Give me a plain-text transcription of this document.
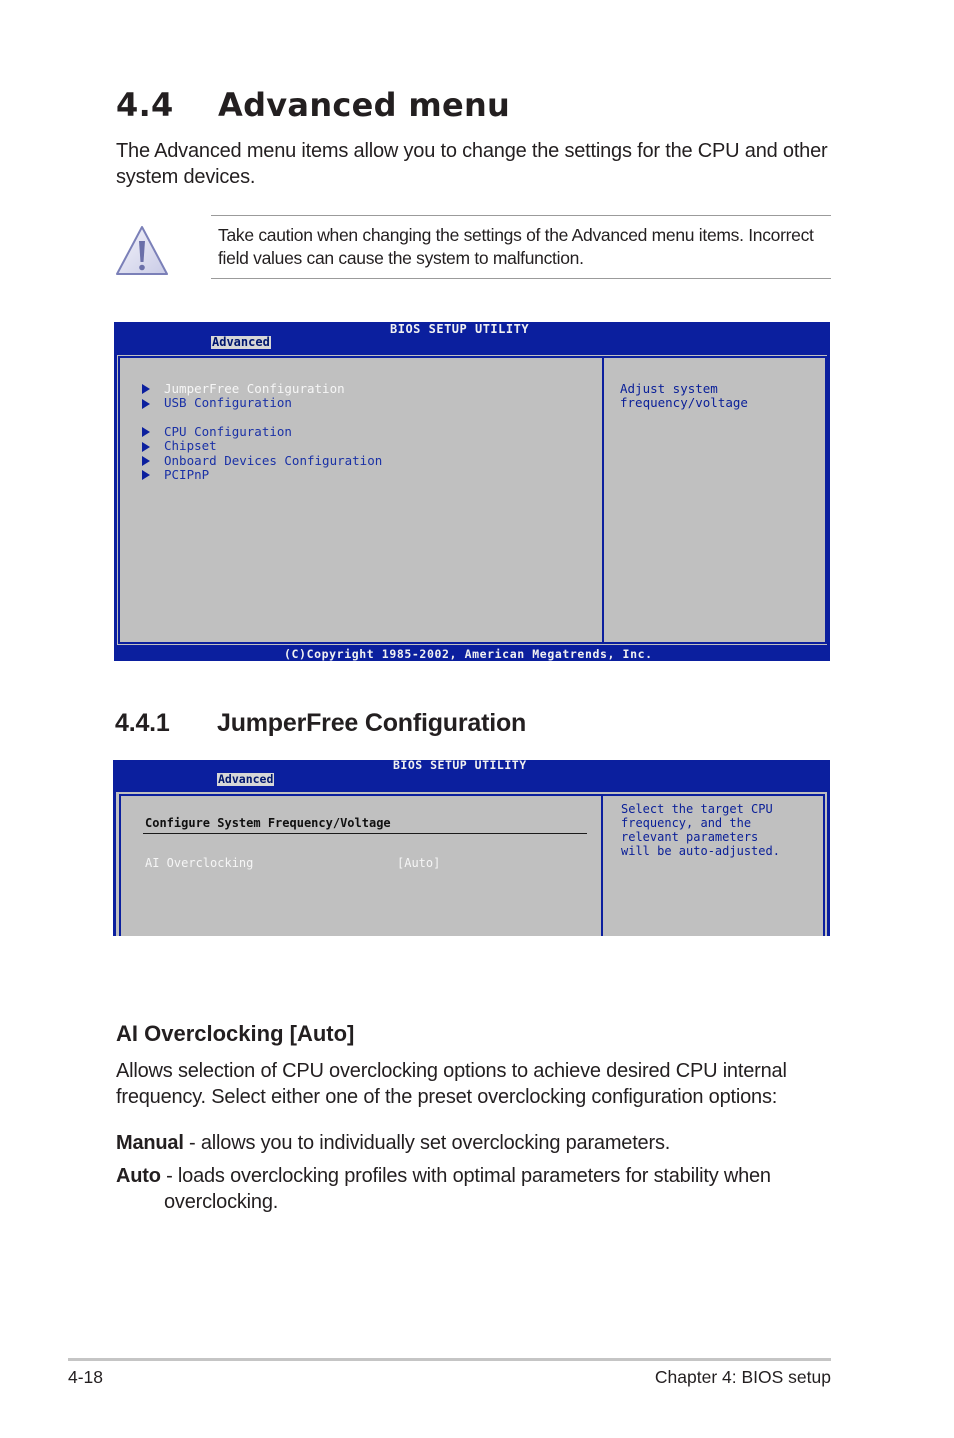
4.4 Advanced menu
The Advanced menu items allow you to change the settings for the CPU and other system devices.
Take caution when changing the settings of the Advanced menu items. Incorrect field values can cause the system to malfunction.
BIOS SETUP UTILITY
Advanced
JumperFree Configuration
USB Configuration
CPU Configuration
Chipset
Onboard Devices Configuration
PCIPnP
Adjust system
frequency/voltage
(C)Copyright 1985-2002, American Megatrends, Inc.
4.4.1 JumperFree Configuration
BIOS SETUP UTILITY
Advanced
Configure System Frequency/Voltage
AI Overclocking	[Auto]
Select the target CPU
frequency, and the
relevant parameters
will be auto-adjusted.
AI Overclocking [Auto]
Allows selection of CPU overclocking options to achieve desired CPU internal frequency. Select either one of the preset overclocking configuration options:
Manual - allows you to individually set overclocking parameters.
Auto - loads overclocking profiles with optimal parameters for stability when overclocking.
4-18	Chapter 4: BIOS setup
